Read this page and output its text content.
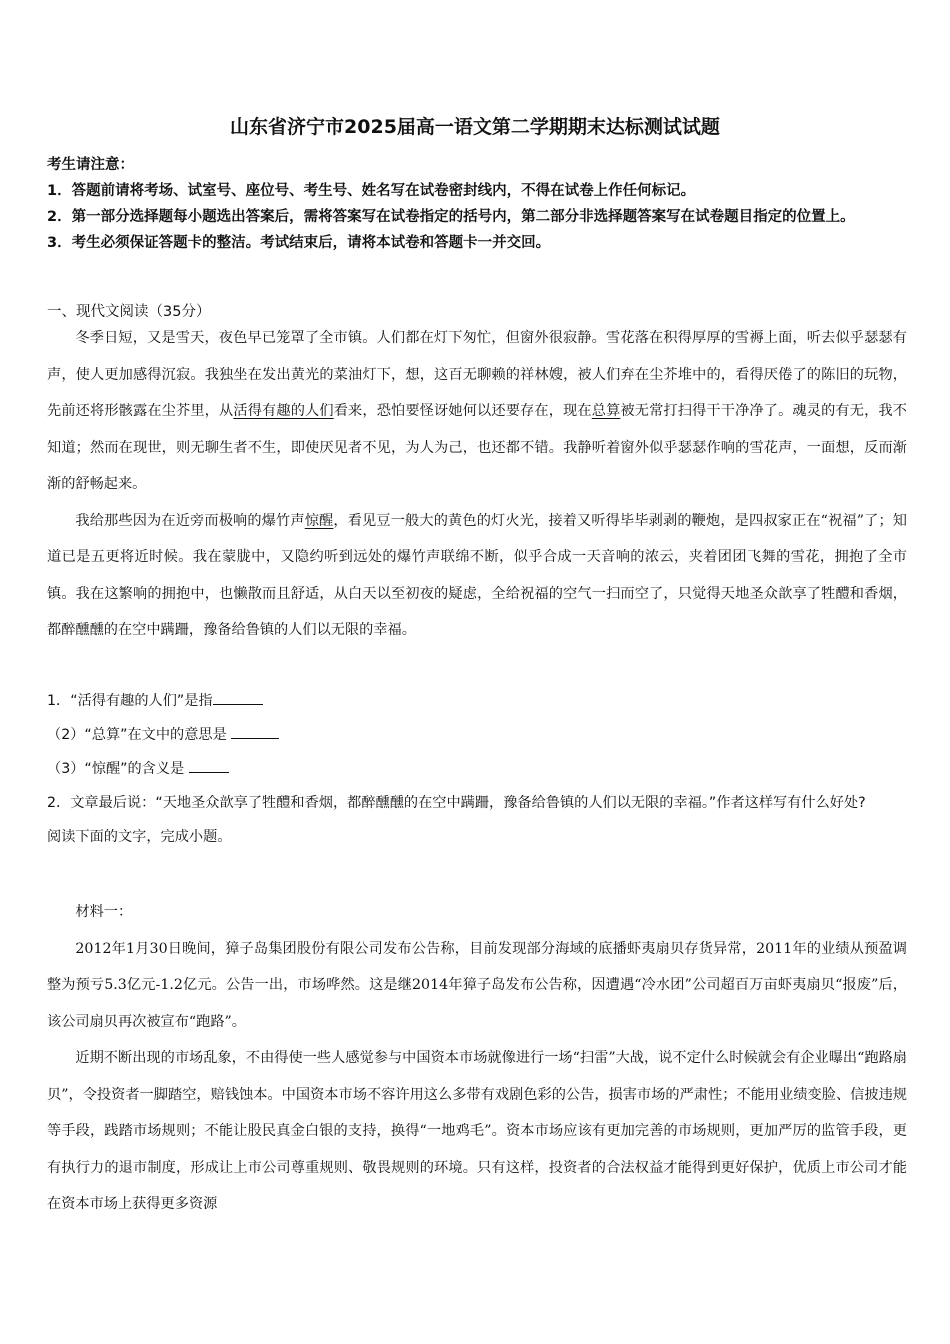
山东省济宁市2025届高一语文第二学期期末达标测试试题

考生请注意：

1．答题前请将考场、试室号、座位号、考生号、姓名写在试卷密封线内，不得在试卷上作任何标记。

2．第一部分选择题每小题选出答案后，需将答案写在试卷指定的括号内，第二部分非选择题答案写在试卷题目指定的位置上。

3．考生必须保证答题卡的整洁。考试结束后，请将本试卷和答题卡一并交回。

一、现代文阅读（35分）

冬季日短，又是雪天，夜色早已笼罩了全市镇。人们都在灯下匆忙，但窗外很寂静。雪花落在积得厚厚的雪褥上面，听去似乎瑟瑟有声，使人更加感得沉寂。我独坐在发出黄光的菜油灯下，想，这百无聊赖的祥林嫂，被人们弃在尘芥堆中的，看得厌倦了的陈旧的玩物，先前还将形骸露在尘芥里，从活得有趣的人们看来，恐怕要怪讶她何以还要存在，现在总算被无常打扫得干干净净了。魂灵的有无，我不知道；然而在现世，则无聊生者不生，即使厌见者不见，为人为己，也还都不错。我静听着窗外似乎瑟瑟作响的雪花声，一面想，反而渐渐的舒畅起来。

我给那些因为在近旁而极响的爆竹声惊醒，看见豆一般大的黄色的灯火光，接着又听得毕毕剥剥的鞭炮，是四叔家正在“祝福”了；知道已是五更将近时候。我在蒙胧中，又隐约听到远处的爆竹声联绵不断，似乎合成一天音响的浓云，夹着团团飞舞的雪花，拥抱了全市镇。我在这繁响的拥抱中，也懒散而且舒适，从白天以至初夜的疑虑，全给祝福的空气一扫而空了，只觉得天地圣众歆享了牲醴和香烟，都醉醺醺的在空中蹒跚，豫备给鲁镇的人们以无限的幸福。

1．“活得有趣的人们”是指

（2）“总算”在文中的意思是

（3）“惊醒”的含义是

2．文章最后说：“天地圣众歆享了牲醴和香烟，都醉醺醺的在空中蹒跚，豫备给鲁镇的人们以无限的幸福。”作者这样写有什么好处?

阅读下面的文字，完成小题。

材料一：

2012年1月30日晚间，獐子岛集团股份有限公司发布公告称，目前发现部分海域的底播虾夷扇贝存货异常，2011年的业绩从预盈调整为预亏5.3亿元-1.2亿元。公告一出，市场哗然。这是继2014年獐子岛发布公告称，因遭遇“冷水团”公司超百万亩虾夷扇贝“报废”后，该公司扇贝再次被宣布“跑路”。

近期不断出现的市场乱象，不由得使一些人感觉参与中国资本市场就像进行一场“扫雷”大战，说不定什么时候就会有企业曝出“跑路扇贝”，令投资者一脚踏空，赔钱蚀本。中国资本市场不容许用这么多带有戏剧色彩的公告，损害市场的严肃性；不能用业绩变脸、信披违规等手段，践踏市场规则；不能让股民真金白银的支持，换得“一地鸡毛”。资本市场应该有更加完善的市场规则，更加严厉的监管手段，更有执行力的退市制度，形成让上市公司尊重规则、敬畏规则的环境。只有这样，投资者的合法权益才能得到更好保护，优质上市公司才能在资本市场上获得更多资源
